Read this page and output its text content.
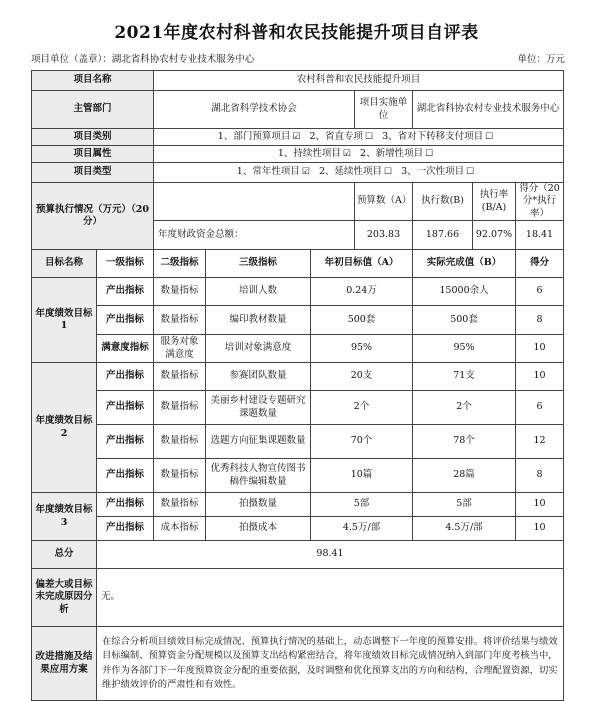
2021年度农村科普和农民技能提升项目自评表
项目单位（盖章）：湖北省科协农村专业技术服务中心	单位：万元
项目名称		农村科普和农民技能提升项目						
主管部门		湖北省科学技术协会			项目实施单位	湖北省科协农村专业技术服务中心		
项目类别		1、部门预算项目 ☑ 2、省直专项 ☐ 3、省对下转移支付项目 ☐						
项目属性		1、持续性项目 ☑ 2、新增性项目 ☐						
项目类型		1、常年性项目 ☑ 2、延续性项目 ☐ 3、一次性项目 ☐						
预算执行情况（万元）（20分）					预算数（A）	执行数(B)	执行率(B/A)	得分（20分*执行率）
		年度财政资金总额：			203.83	187.66	92.07%	18.41
目标名称	一级指标	二级指标	三级指标	年初目标值（A）		实际完成值（B）		得分
年度绩效目标1	产出指标	数量指标	培训人数	0.24万		15000余人		6
	产出指标	数量指标	编印教材数量	500套		500套		8
	满意度指标	服务对象满意度	培训对象满意度	95%		95%		10
年度绩效目标2	产出指标	数量指标	参赛团队数量	20支		71支		10
	产出指标	数量指标	美丽乡村建设专题研究课题数量	2个		2个		6
	产出指标	数量指标	选题方向征集课题数量	70个		78个		12
	产出指标	数量指标	优秀科技人物宣传图书稿件编辑数量	10篇		28篇		8
年度绩效目标3	产出指标	数量指标	拍摄数量	5部		5部		10
	产出指标	成本指标	拍摄成本	4.5万/部		4.5万/部		10
总分	98.41							
偏差大或目标未完成原因分析	无。							
改进措施及结果应用方案	在综合分析项目绩效目标完成情况、预算执行情况的基础上，动态调整下一年度的预算安排。将评价结果与绩效目标编制、预算资金分配规模以及预算支出结构紧密结合，将年度绩效目标完成情况纳入到部门年度考核当中，并作为各部门下一年度预算资金分配的重要依据，及时调整和优化预算支出的方向和结构，合理配置资源，切实维护绩效评价的严肃性和有效性。							
